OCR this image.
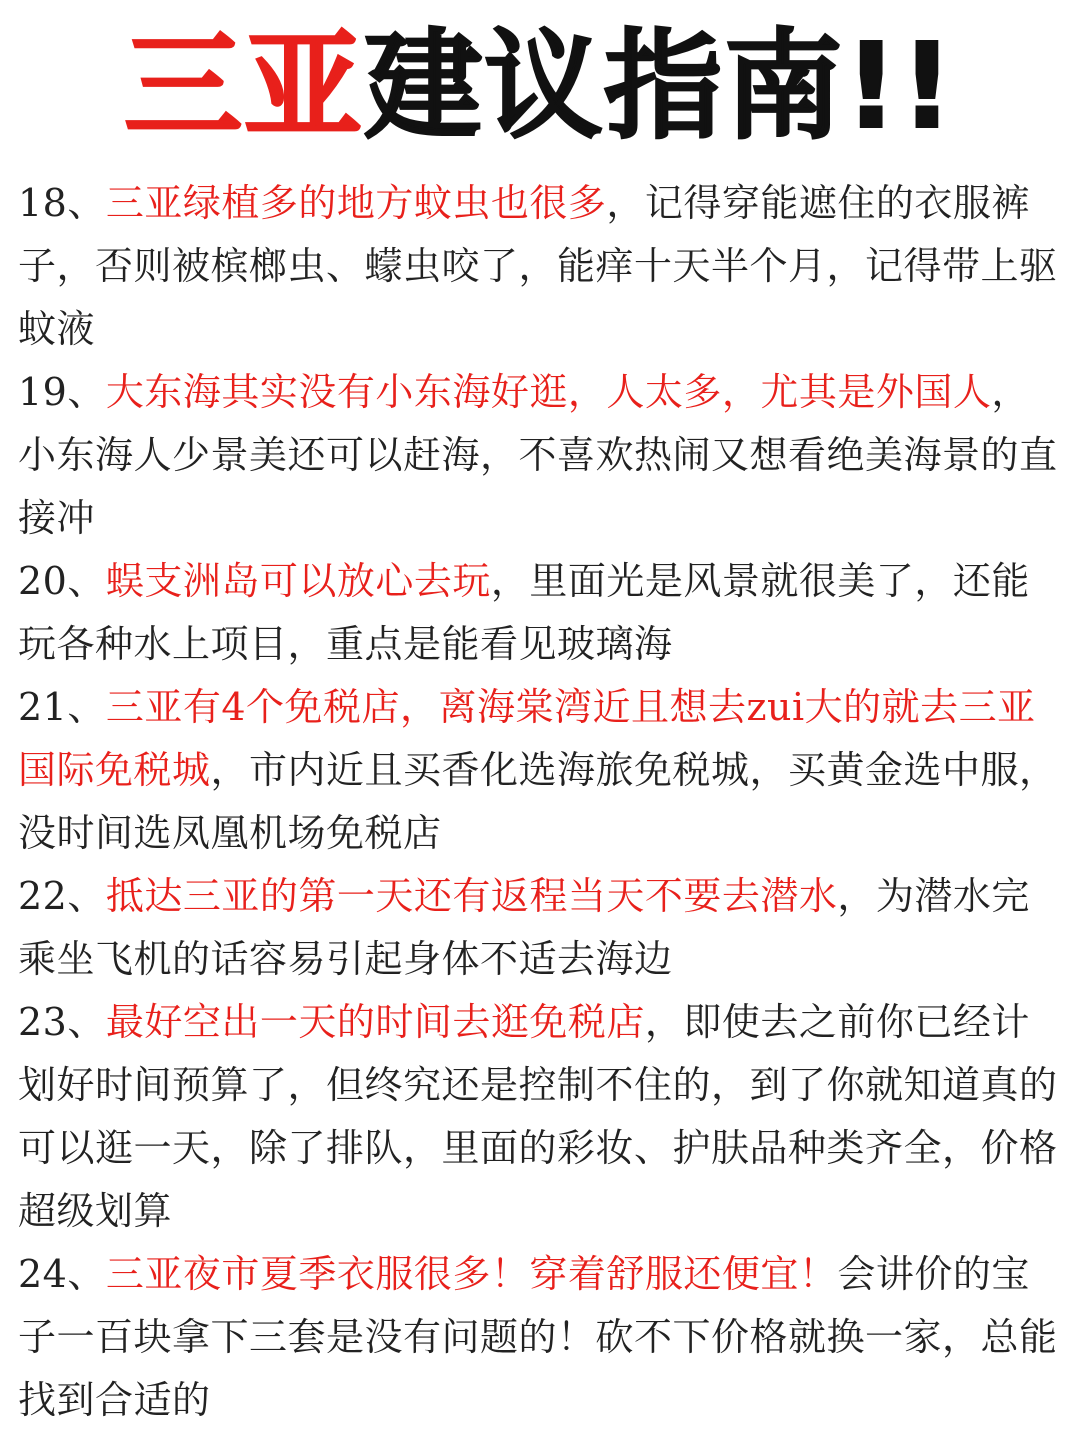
三亚建议指南!!

18、三亚绿植多的地方蚊虫也很多，记得穿能遮住的衣服裤子，否则被槟榔虫、蠓虫咬了，能痒十天半个月，记得带上驱蚊液

19、大东海其实没有小东海好逛，人太多，尤其是外国人，小东海人少景美还可以赶海，不喜欢热闹又想看绝美海景的直接冲

20、蜈支洲岛可以放心去玩，里面光是风景就很美了，还能玩各种水上项目，重点是能看见玻璃海

21、三亚有4个免税店，离海棠湾近且想去zui大的就去三亚国际免税城，市内近且买香化选海旅免税城，买黄金选中服，没时间选凤凰机场免税店

22、抵达三亚的第一天还有返程当天不要去潜水，为潜水完乘坐飞机的话容易引起身体不适去海边

23、最好空出一天的时间去逛免税店，即使去之前你已经计划好时间预算了，但终究还是控制不住的，到了你就知道真的可以逛一天，除了排队，里面的彩妆、护肤品种类齐全，价格超级划算

24、三亚夜市夏季衣服很多！穿着舒服还便宜！会讲价的宝子一百块拿下三套是没有问题的！砍不下价格就换一家，总能找到合适的
